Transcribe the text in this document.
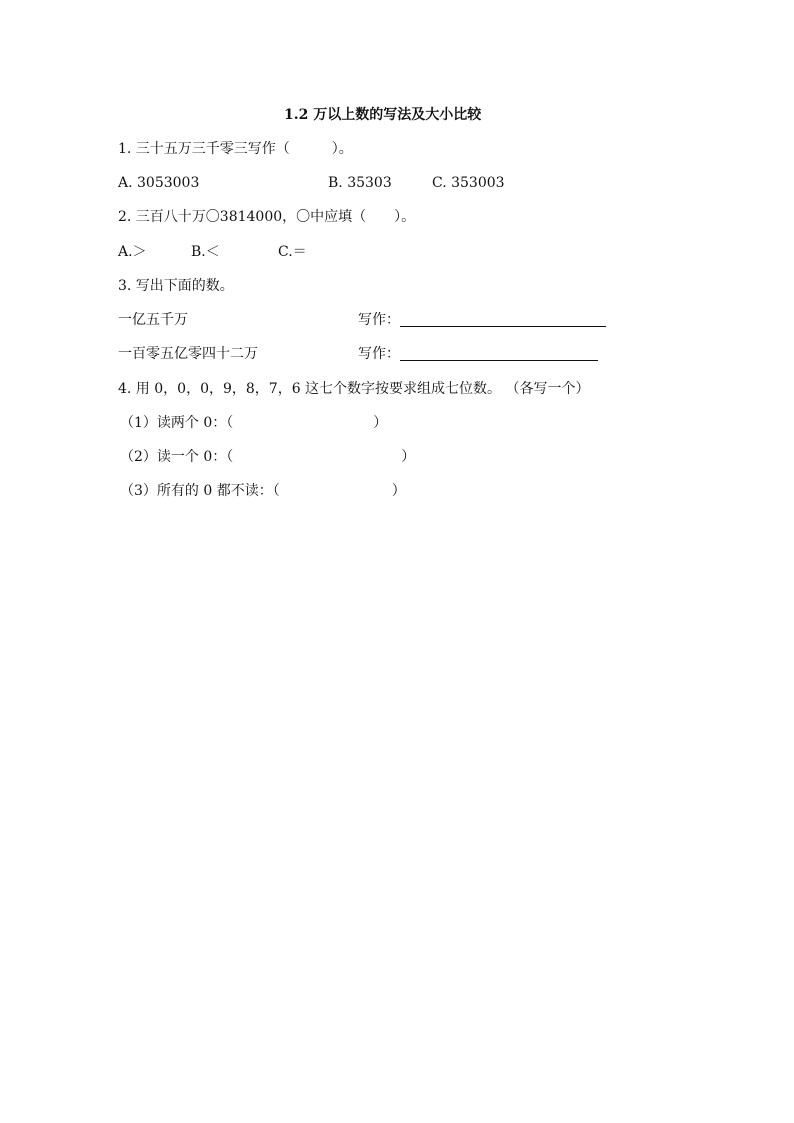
1.2 万以上数的写法及大小比较
1. 三十五万三千零三写作（　　　）。
A. 3053003	B. 35303	C. 353003
2. 三百八十万〇3814000，〇中应填（　　）。
A.＞	B.＜	C.＝
3. 写出下面的数。
一亿五千万	写作：
一百零五亿零四十二万	写作：
4. 用 0，0，0，9，8，7，6 这七个数字按要求组成七位数。 （各写一个）
（1）读两个 0：（　　　　　　　　　　）
（2）读一个 0：（　　　　　　　　　　　　）
（3）所有的 0 都不读：（　　　　　　　　）
